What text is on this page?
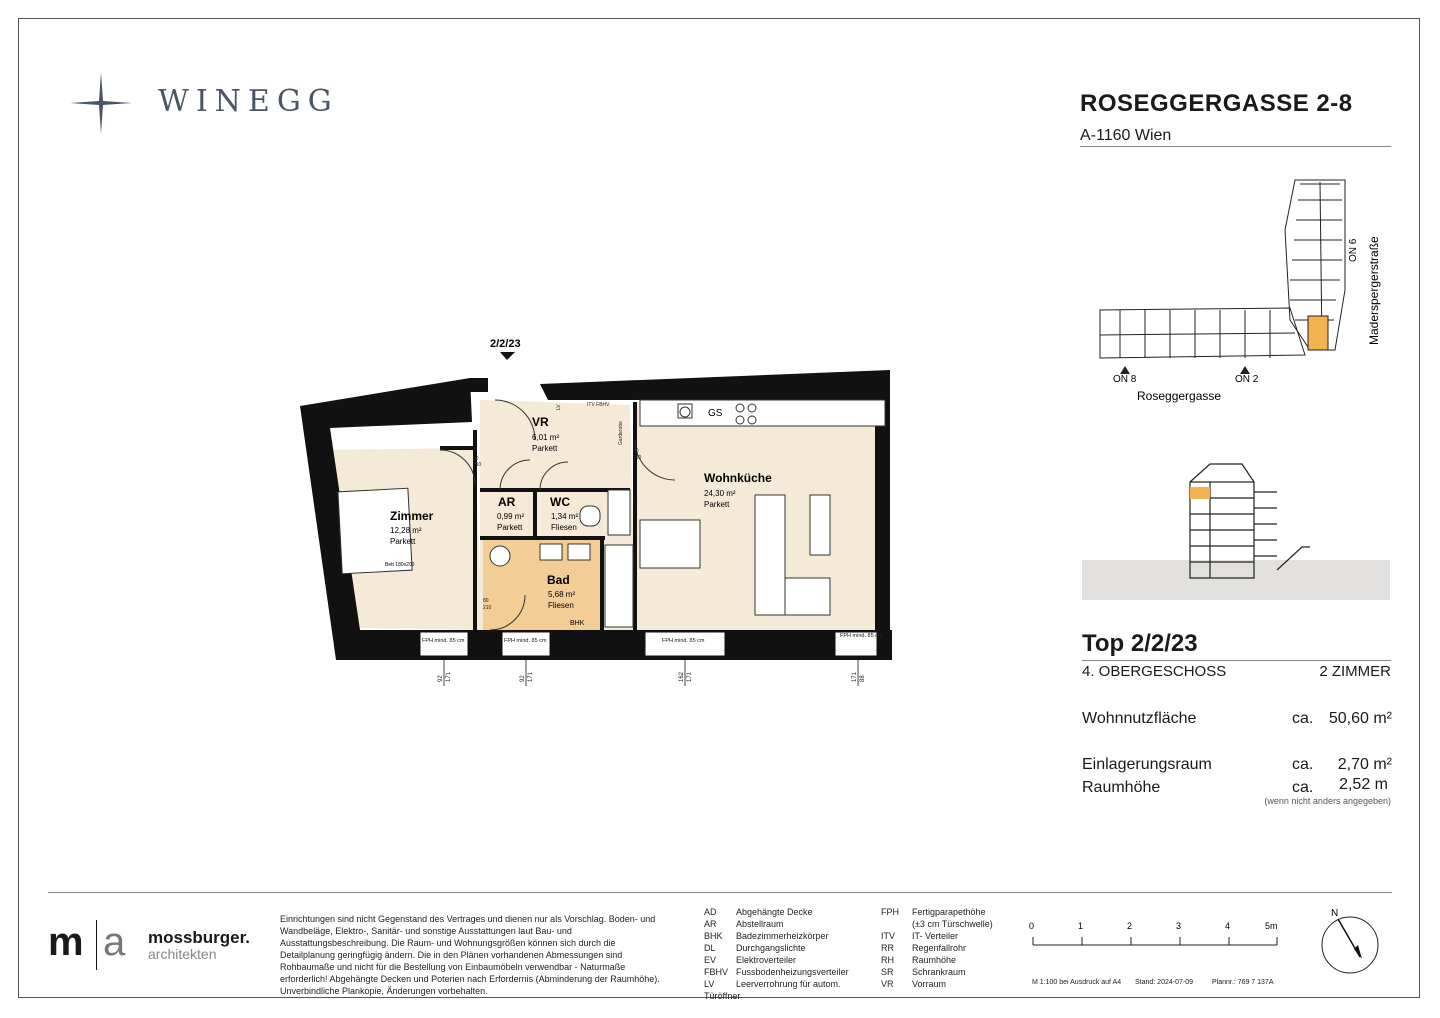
WINEGG	ROSEGGERGASSE 2-8
A-1160 Wien
ON 8	ON 2
Roseggergasse
Maderspergerstraße
ON 6
Top 2/2/23
4. OBERGESCHOSS	2 ZIMMER
Wohnnutzfläche	ca. 50,60 m²
Einlagerungsraum	ca. 2,70 m²
Raumhöhe	ca. 2,52 m
(wenn nicht anders angegeben)
GS
Bett 180x200
BHK
2/2/23
Zimmer
12,28 m²
Parkett
VR
6,01 m²
Parkett
AR
0,99 m²
Parkett
WC
1,34 m²
Fliesen
Bad
5,68 m²
Fliesen
Wohnküche
24,30 m²
Parkett
80
210
80
210
80
210
ITV FBHV
Garderobe
LV
FPH mind. 85 cm	FPH mind. 85 cm	FPH mind. 85 cm
FPH mind. 85 cm
92 171	92 171	162 171	171 88
m a mossburger.
architekten
Einrichtungen sind nicht Gegenstand des Vertrages und dienen nur als Vorschlag. Boden- und Wandbeläge, Elektro-, Sanitär- und sonstige Ausstattungen laut Bau- und Ausstattungsbeschreibung. Die Raum- und Wohnungsgrößen können sich durch die Detailplanung geringfügig ändern. Die in den Plänen vorhandenen Abmessungen sind Rohbaumaße und nicht für die Bestellung von Einbaumöbeln verwendbar - Naturmaße erforderlich! Abgehängte Decken und Poterien nach Erfordernis (Abminderung der Raumhöhe). Unverbindliche Plankopie, Änderungen vorbehalten.
AD Abgehängte Decke
AR Abstellraum
BHK Badezimmerheizkörper
DL Durchgangslichte
EV Elektroverteiler
FBHV Fussbodenheizungsverteiler
LV Leerverrohrung für autom. Türöffner
FPH Fertigparapethöhe
(±3 cm Türschwelle)
ITV IT- Verteiler
RR Regenfallrohr
RH Raumhöhe
SR Schrankraum
VR Vorraum
0	1	2	3	4	5m
M 1:100 bei Ausdruck auf A4 Stand: 2024-07-09	Plannr.: 769 7 137A
N
